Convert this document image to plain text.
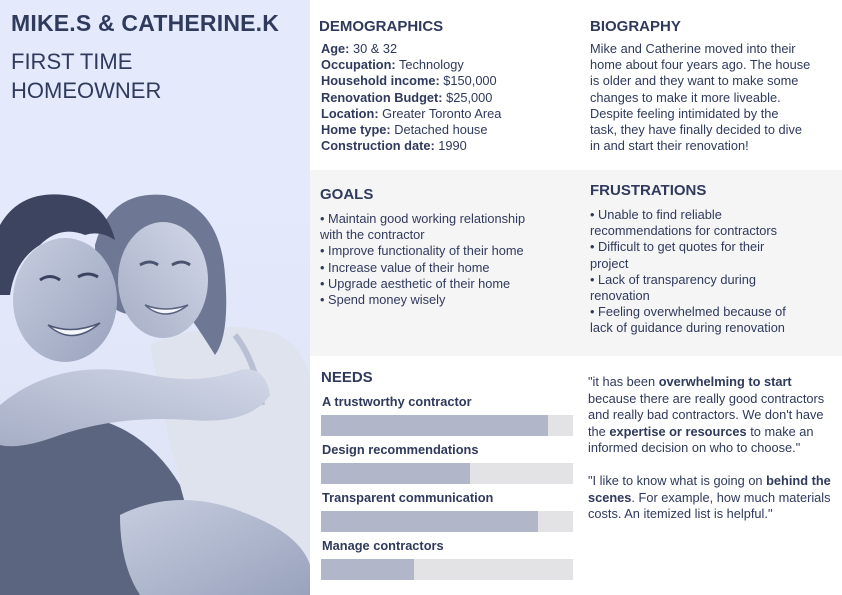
MIKE.S & CATHERINE.K
FIRST TIME
HOMEOWNER
DEMOGRAPHICS
Age: 30 & 32
Occupation: Technology
Household income: $150,000
Renovation Budget: $25,000
Location: Greater Toronto Area
Home type: Detached house
Construction date: 1990
BIOGRAPHY
Mike and Catherine moved into their
home about four years ago. The house
is older and they want to make some
changes to make it more liveable.
Despite feeling intimidated by the
task, they have finally decided to dive
in and start their renovation!
GOALS
• Maintain good working relationship
with the contractor
• Improve functionality of their home
• Increase value of their home
• Upgrade aesthetic of their home
• Spend money wisely
FRUSTRATIONS
• Unable to find reliable
recommendations for contractors
• Difficult to get quotes for their
project
• Lack of transparency during
renovation
• Feeling overwhelmed because of
lack of guidance during renovation
NEEDS
A trustworthy contractor
Design recommendations
Transparent communication
Manage contractors
"it has been overwhelming to start because there are really good contractors and really bad contractors. We don't have the expertise or resources to make an informed decision on who to choose."
"I like to know what is going on behind the scenes. For example, how much materials costs. An itemized list is helpful."
